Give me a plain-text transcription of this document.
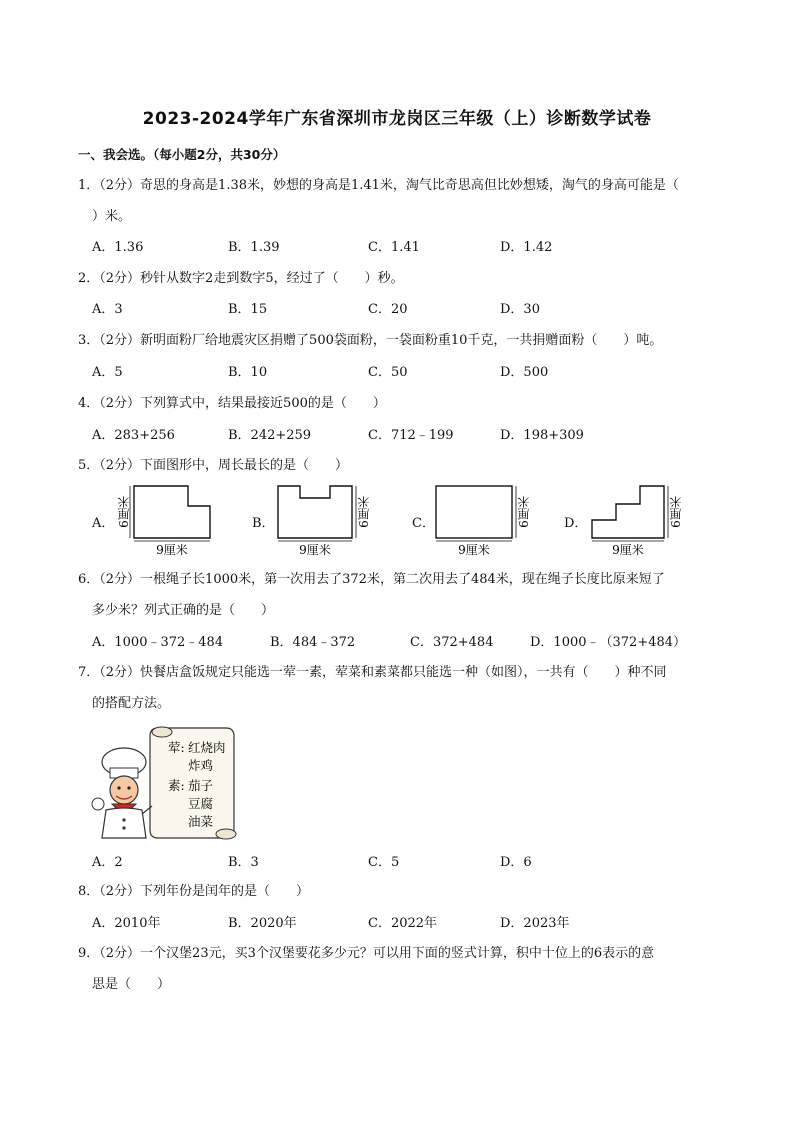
2023-2024学年广东省深圳市龙岗区三年级（上）诊断数学试卷
一、我会选。（每小题2分，共30分）
1．（2分）奇思的身高是1.38米，妙想的身高是1.41米，淘气比奇思高但比妙想矮，淘气的身高可能是（
）米。
A．1.36	B．1.39	C．1.41	D．1.42
2．（2分）秒针从数字2走到数字5，经过了（　　）秒。
A．3	B．15	C．20	D．30
3．（2分）新明面粉厂给地震灾区捐赠了500袋面粉，一袋面粉重10千克，一共捐赠面粉（　　）吨。
A．5	B．10	C．50	D．500
4．（2分）下列算式中，结果最接近500的是（　　）
A．283+256	B．242+259	C．712﹣199	D．198+309
5．（2分）下面图形中，周长最长的是（　　）
A．	B．	C．	D．
6厘米
9厘米
6厘米
9厘米
6厘米
9厘米
6厘米
9厘米
6．（2分）一根绳子长1000米，第一次用去了372米，第二次用去了484米，现在绳子长度比原来短了
多少米？列式正确的是（　　）
A．1000﹣372﹣484	B．484﹣372	C．372+484	D．1000﹣（372+484）
7．（2分）快餐店盒饭规定只能选一荤一素，荤菜和素菜都只能选一种（如图），一共有（　　）种不同
的搭配方法。
荤: 红烧肉
炸鸡
素: 茄子
豆腐
油菜
A．2	B．3	C．5	D．6
8．（2分）下列年份是闰年的是（　　）
A．2010年	B．2020年	C．2022年	D．2023年
9．（2分）一个汉堡23元，买3个汉堡要花多少元？可以用下面的竖式计算，积中十位上的6表示的意
思是（　　）
